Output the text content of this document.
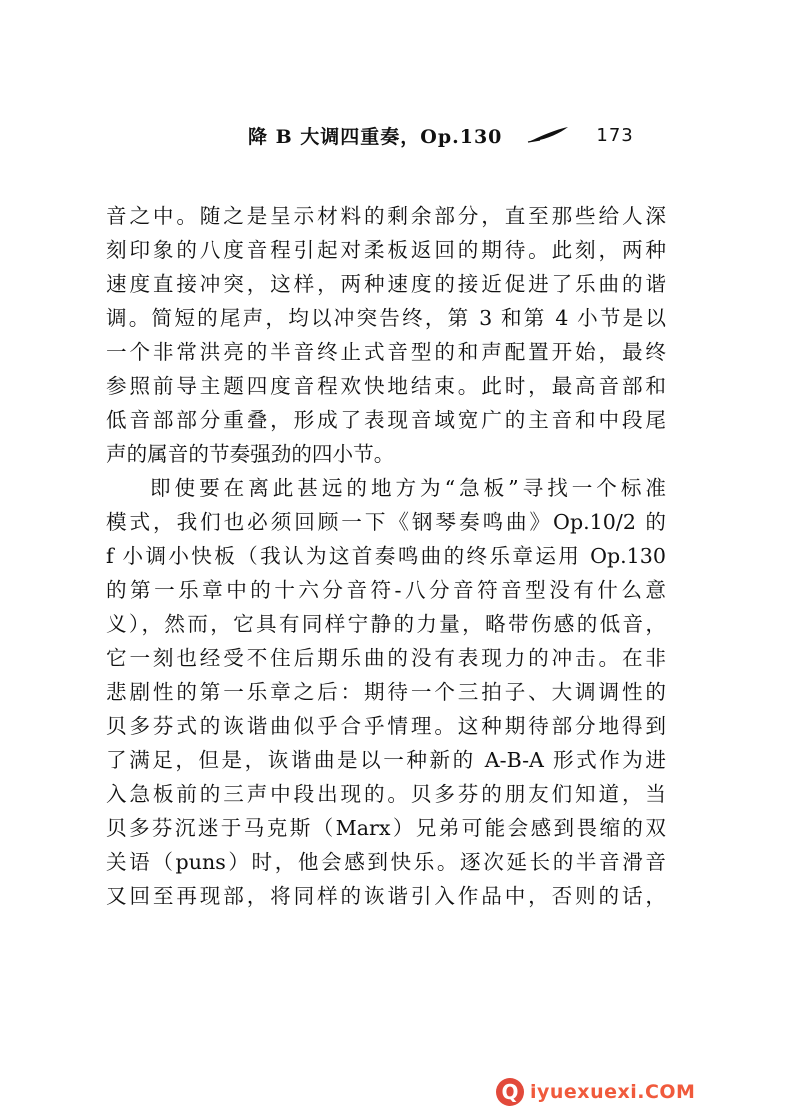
降 B 大调四重奏，Op.130	173
音之中。随之是呈示材料的剩余部分，直至那些给人深
刻印象的八度音程引起对柔板返回的期待。此刻，两种
速度直接冲突，这样，两种速度的接近促进了乐曲的谐
调。简短的尾声，均以冲突告终，第 3 和第 4 小节是以
一个非常洪亮的半音终止式音型的和声配置开始，最终
参照前导主题四度音程欢快地结束。此时，最高音部和
低音部部分重叠，形成了表现音域宽广的主音和中段尾
声的属音的节奏强劲的四小节。
即使要在离此甚远的地方为“急板”寻找一个标准
模式，我们也必须回顾一下《钢琴奏鸣曲》Op.10/2 的
f 小调小快板（我认为这首奏鸣曲的终乐章运用 Op.130
的第一乐章中的十六分音符-八分音符音型没有什么意
义），然而，它具有同样宁静的力量，略带伤感的低音，
它一刻也经受不住后期乐曲的没有表现力的冲击。在非
悲剧性的第一乐章之后：期待一个三拍子、大调调性的
贝多芬式的诙谐曲似乎合乎情理。这种期待部分地得到
了满足，但是，诙谐曲是以一种新的 A-B-A 形式作为进
入急板前的三声中段出现的。贝多芬的朋友们知道，当
贝多芬沉迷于马克斯（Marx）兄弟可能会感到畏缩的双
关语（puns）时，他会感到快乐。逐次延长的半音滑音
又回至再现部，将同样的诙谐引入作品中，否则的话，
Q iyuexuexi.COM
